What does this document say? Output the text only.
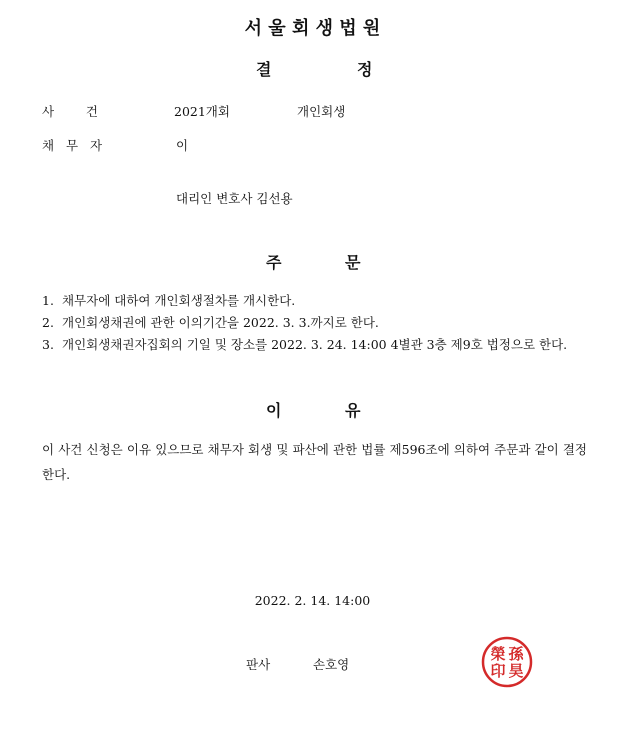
서 울 회 생 법 원
결	정
사        건	2021개회	개인회생
채   무   자	이
대리인 변호사 김선용
주	문
1. 채무자에 대하여 개인회생절차를 개시한다.
2. 개인회생채권에 관한 이의기간을 2022. 3. 3.까지로 한다.
3. 개인회생채권자집회의 기일 및 장소를 2022. 3. 24. 14:00 4별관 3층 제9호 법정으로 한다.
이	유
이 사건 신청은 이유 있으므로 채무자 회생 및 파산에 관한 법률 제596조에 의하여 주문과 같이 결정한다.
2022. 2. 14. 14:00
판사	손호영
孫
昊
榮
印
